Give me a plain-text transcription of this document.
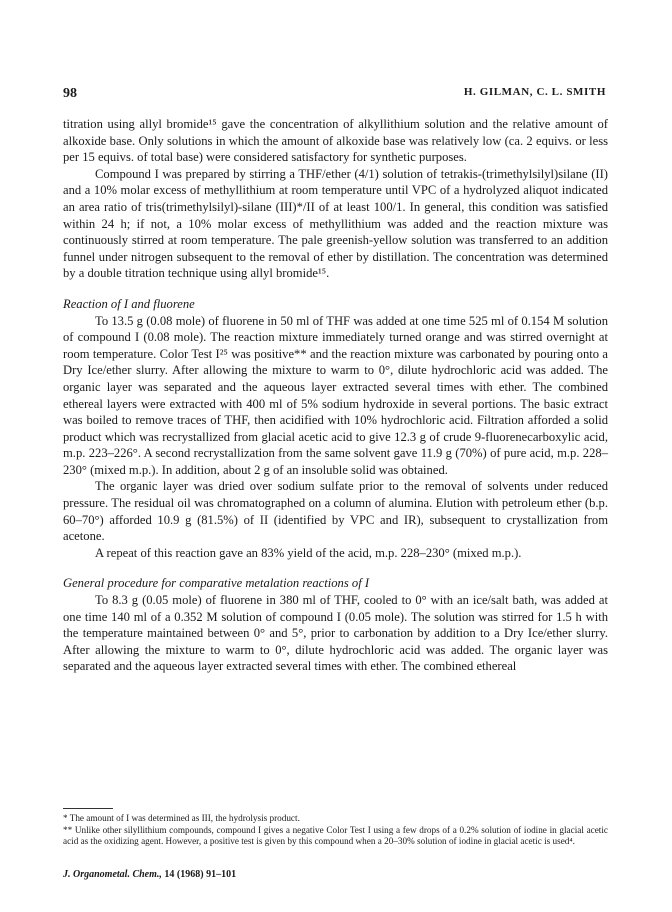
98	H. GILMAN, C. L. SMITH

titration using allyl bromide¹⁵ gave the concentration of alkyllithium solution and the relative amount of alkoxide base. Only solutions in which the amount of alkoxide base was relatively low (ca. 2 equivs. or less per 15 equivs. of total base) were considered satisfactory for synthetic purposes.

Compound I was prepared by stirring a THF/ether (4/1) solution of tetrakis-(trimethylsilyl)silane (II) and a 10% molar excess of methyllithium at room temperature until VPC of a hydrolyzed aliquot indicated an area ratio of tris(trimethylsilyl)-silane (III)*/II of at least 100/1. In general, this condition was satisfied within 24 h; if not, a 10% molar excess of methyllithium was added and the reaction mixture was continuously stirred at room temperature. The pale greenish-yellow solution was transferred to an addition funnel under nitrogen subsequent to the removal of ether by distillation. The concentration was determined by a double titration technique using allyl bromide¹⁵.

Reaction of I and fluorene

To 13.5 g (0.08 mole) of fluorene in 50 ml of THF was added at one time 525 ml of 0.154 M solution of compound I (0.08 mole). The reaction mixture immediately turned orange and was stirred overnight at room temperature. Color Test I²⁵ was positive** and the reaction mixture was carbonated by pouring onto a Dry Ice/ether slurry. After allowing the mixture to warm to 0°, dilute hydrochloric acid was added. The organic layer was separated and the aqueous layer extracted several times with ether. The combined ethereal layers were extracted with 400 ml of 5% sodium hydroxide in several portions. The basic extract was boiled to remove traces of THF, then acidified with 10% hydrochloric acid. Filtration afforded a solid product which was recrystallized from glacial acetic acid to give 12.3 g of crude 9-fluorenecarboxylic acid, m.p. 223–226°. A second recrystallization from the same solvent gave 11.9 g (70%) of pure acid, m.p. 228–230° (mixed m.p.). In addition, about 2 g of an insoluble solid was obtained.

The organic layer was dried over sodium sulfate prior to the removal of solvents under reduced pressure. The residual oil was chromatographed on a column of alumina. Elution with petroleum ether (b.p. 60–70°) afforded 10.9 g (81.5%) of II (identified by VPC and IR), subsequent to crystallization from acetone.

A repeat of this reaction gave an 83% yield of the acid, m.p. 228–230° (mixed m.p.).

General procedure for comparative metalation reactions of I

To 8.3 g (0.05 mole) of fluorene in 380 ml of THF, cooled to 0° with an ice/salt bath, was added at one time 140 ml of a 0.352 M solution of compound I (0.05 mole). The solution was stirred for 1.5 h with the temperature maintained between 0° and 5°, prior to carbonation by addition to a Dry Ice/ether slurry. After allowing the mixture to warm to 0°, dilute hydrochloric acid was added. The organic layer was separated and the aqueous layer extracted several times with ether. The combined ethereal

* The amount of I was determined as III, the hydrolysis product.

** Unlike other silyllithium compounds, compound I gives a negative Color Test I using a few drops of a 0.2% solution of iodine in glacial acetic acid as the oxidizing agent. However, a positive test is given by this compound when a 20–30% solution of iodine in glacial acetic is used⁴.

J. Organometal. Chem., 14 (1968) 91–101
